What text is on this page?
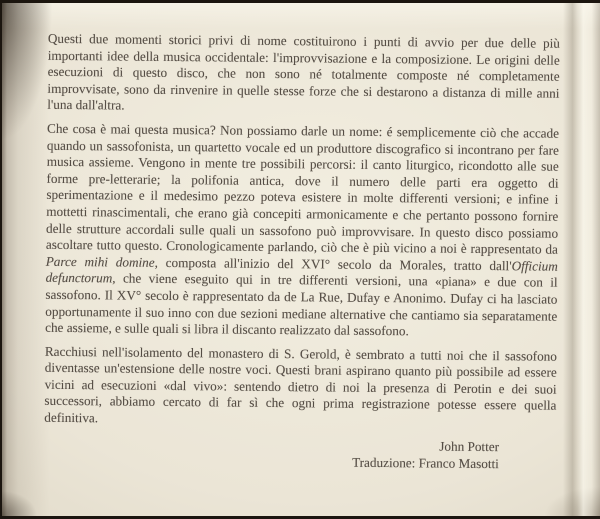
Questi due momenti storici privi di nome costituirono i punti di avvio per due delle più importanti idee della musica occidentale: l'improvvisazione e la composizione. Le origini delle esecuzioni di questo disco, che non sono né totalmente composte né completamente improvvisate, sono da rinvenire in quelle stesse forze che si destarono a distanza di mille anni l'una dall'altra.

Che cosa è mai questa musica? Non possiamo darle un nome: é semplicemente ciò che accade quando un sassofonista, un quartetto vocale ed un produttore discografico si incontrano per fare musica assieme. Vengono in mente tre possibili percorsi: il canto liturgico, ricondotto alle sue forme pre-letterarie; la polifonia antica, dove il numero delle parti era oggetto di sperimentazione e il medesimo pezzo poteva esistere in molte differenti versioni; e infine i mottetti rinascimentali, che erano già concepiti armonicamente e che pertanto possono fornire delle strutture accordali sulle quali un sassofono può improvvisare. In questo disco possiamo ascoltare tutto questo. Cronologicamente parlando, ciò che è più vicino a noi è rappresentato da Parce mihi domine, composta all'inizio del XVI° secolo da Morales, tratto dall'Officium defunctorum, che viene eseguito qui in tre differenti versioni, una «piana» e due con il sassofono. Il XV° secolo è rappresentato da de La Rue, Dufay e Anonimo. Dufay ci ha lasciato opportunamente il suo inno con due sezioni mediane alternative che cantiamo sia separatamente che assieme, e sulle quali si libra il discanto realizzato dal sassofono.

Racchiusi nell'isolamento del monastero di S. Gerold, è sembrato a tutti noi che il sassofono diventasse un'estensione delle nostre voci. Questi brani aspirano quanto più possibile ad essere vicini ad esecuzioni «dal vivo»: sentendo dietro di noi la presenza di Perotin e dei suoi successori, abbiamo cercato di far sì che ogni prima registrazione potesse essere quella definitiva.

John Potter
Traduzione: Franco Masotti
